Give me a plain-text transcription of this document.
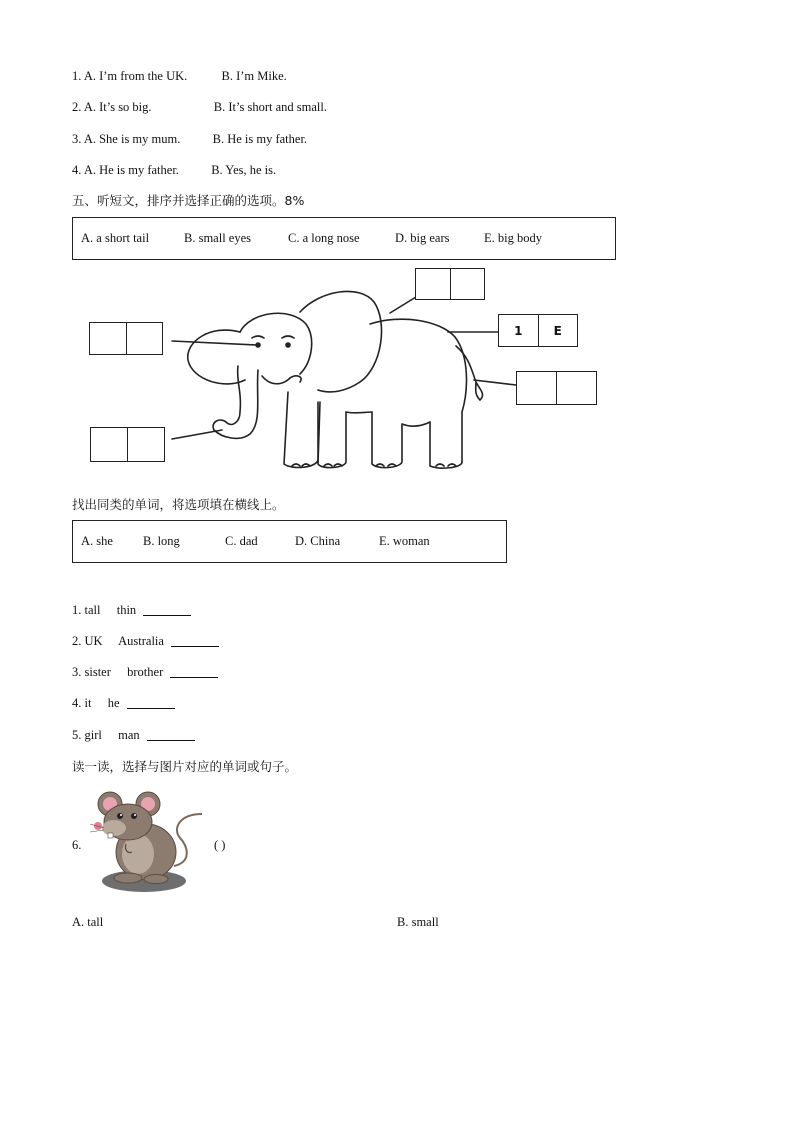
1. A. I’m from the UK.	B. I’m Mike.
2. A. It’s so big.	B. It’s short and small.
3. A. She is my mum.	B. He is my father.
4. A. He is my father.	B. Yes, he is.
五、听短文，排序并选择正确的选项。8%
A. a short tail	B. small eyes	C. a long nose	D. big ears	E. big body
1	E
找出同类的单词，将选项填在横线上。
A. she	B. long	C. dad	D. China	E. woman
1. tall thin
2. UK Australia
3. sister brother
4. it he
5. girl man
读一读，选择与图片对应的单词或句子。
6.	( )
A. tall	B. small
